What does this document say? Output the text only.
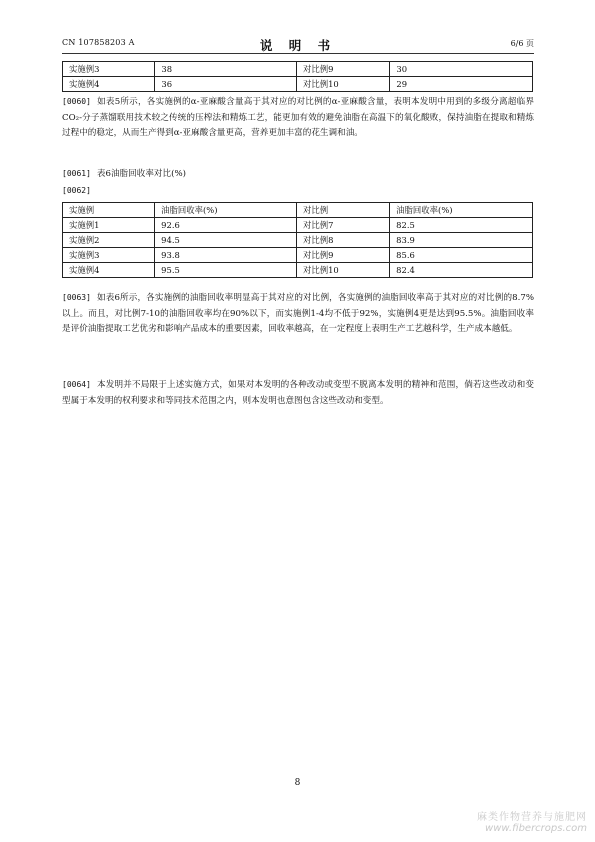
CN 107858203 A	说 明 书	6/6 页
实施例3	38	对比例9	30
实施例4	36	对比例10	29
[0060] 如表5所示，各实施例的α-亚麻酸含量高于其对应的对比例的α-亚麻酸含量，表明本发明中用到的多级分离超临界CO₂-分子蒸馏联用技术较之传统的压榨法和精炼工艺，能更加有效的避免油脂在高温下的氧化酸败，保持油脂在提取和精炼过程中的稳定，从而生产得到α-亚麻酸含量更高，营养更加丰富的花生调和油。
[0061] 表6油脂回收率对比(%)
[0062]
实施例	油脂回收率(%)	对比例	油脂回收率(%)
实施例1	92.6	对比例7	82.5
实施例2	94.5	对比例8	83.9
实施例3	93.8	对比例9	85.6
实施例4	95.5	对比例10	82.4
[0063] 如表6所示，各实施例的油脂回收率明显高于其对应的对比例，各实施例的油脂回收率高于其对应的对比例的8.7%以上。而且，对比例7-10的油脂回收率均在90%以下，而实施例1-4均不低于92%，实施例4更是达到95.5%。油脂回收率是评价油脂提取工艺优劣和影响产品成本的重要因素，回收率越高，在一定程度上表明生产工艺越科学，生产成本越低。
[0064] 本发明并不局限于上述实施方式，如果对本发明的各种改动或变型不脱离本发明的精神和范围，倘若这些改动和变型属于本发明的权利要求和等同技术范围之内，则本发明也意图包含这些改动和变型。
8
麻类作物营养与施肥网
www.fibercrops.com
